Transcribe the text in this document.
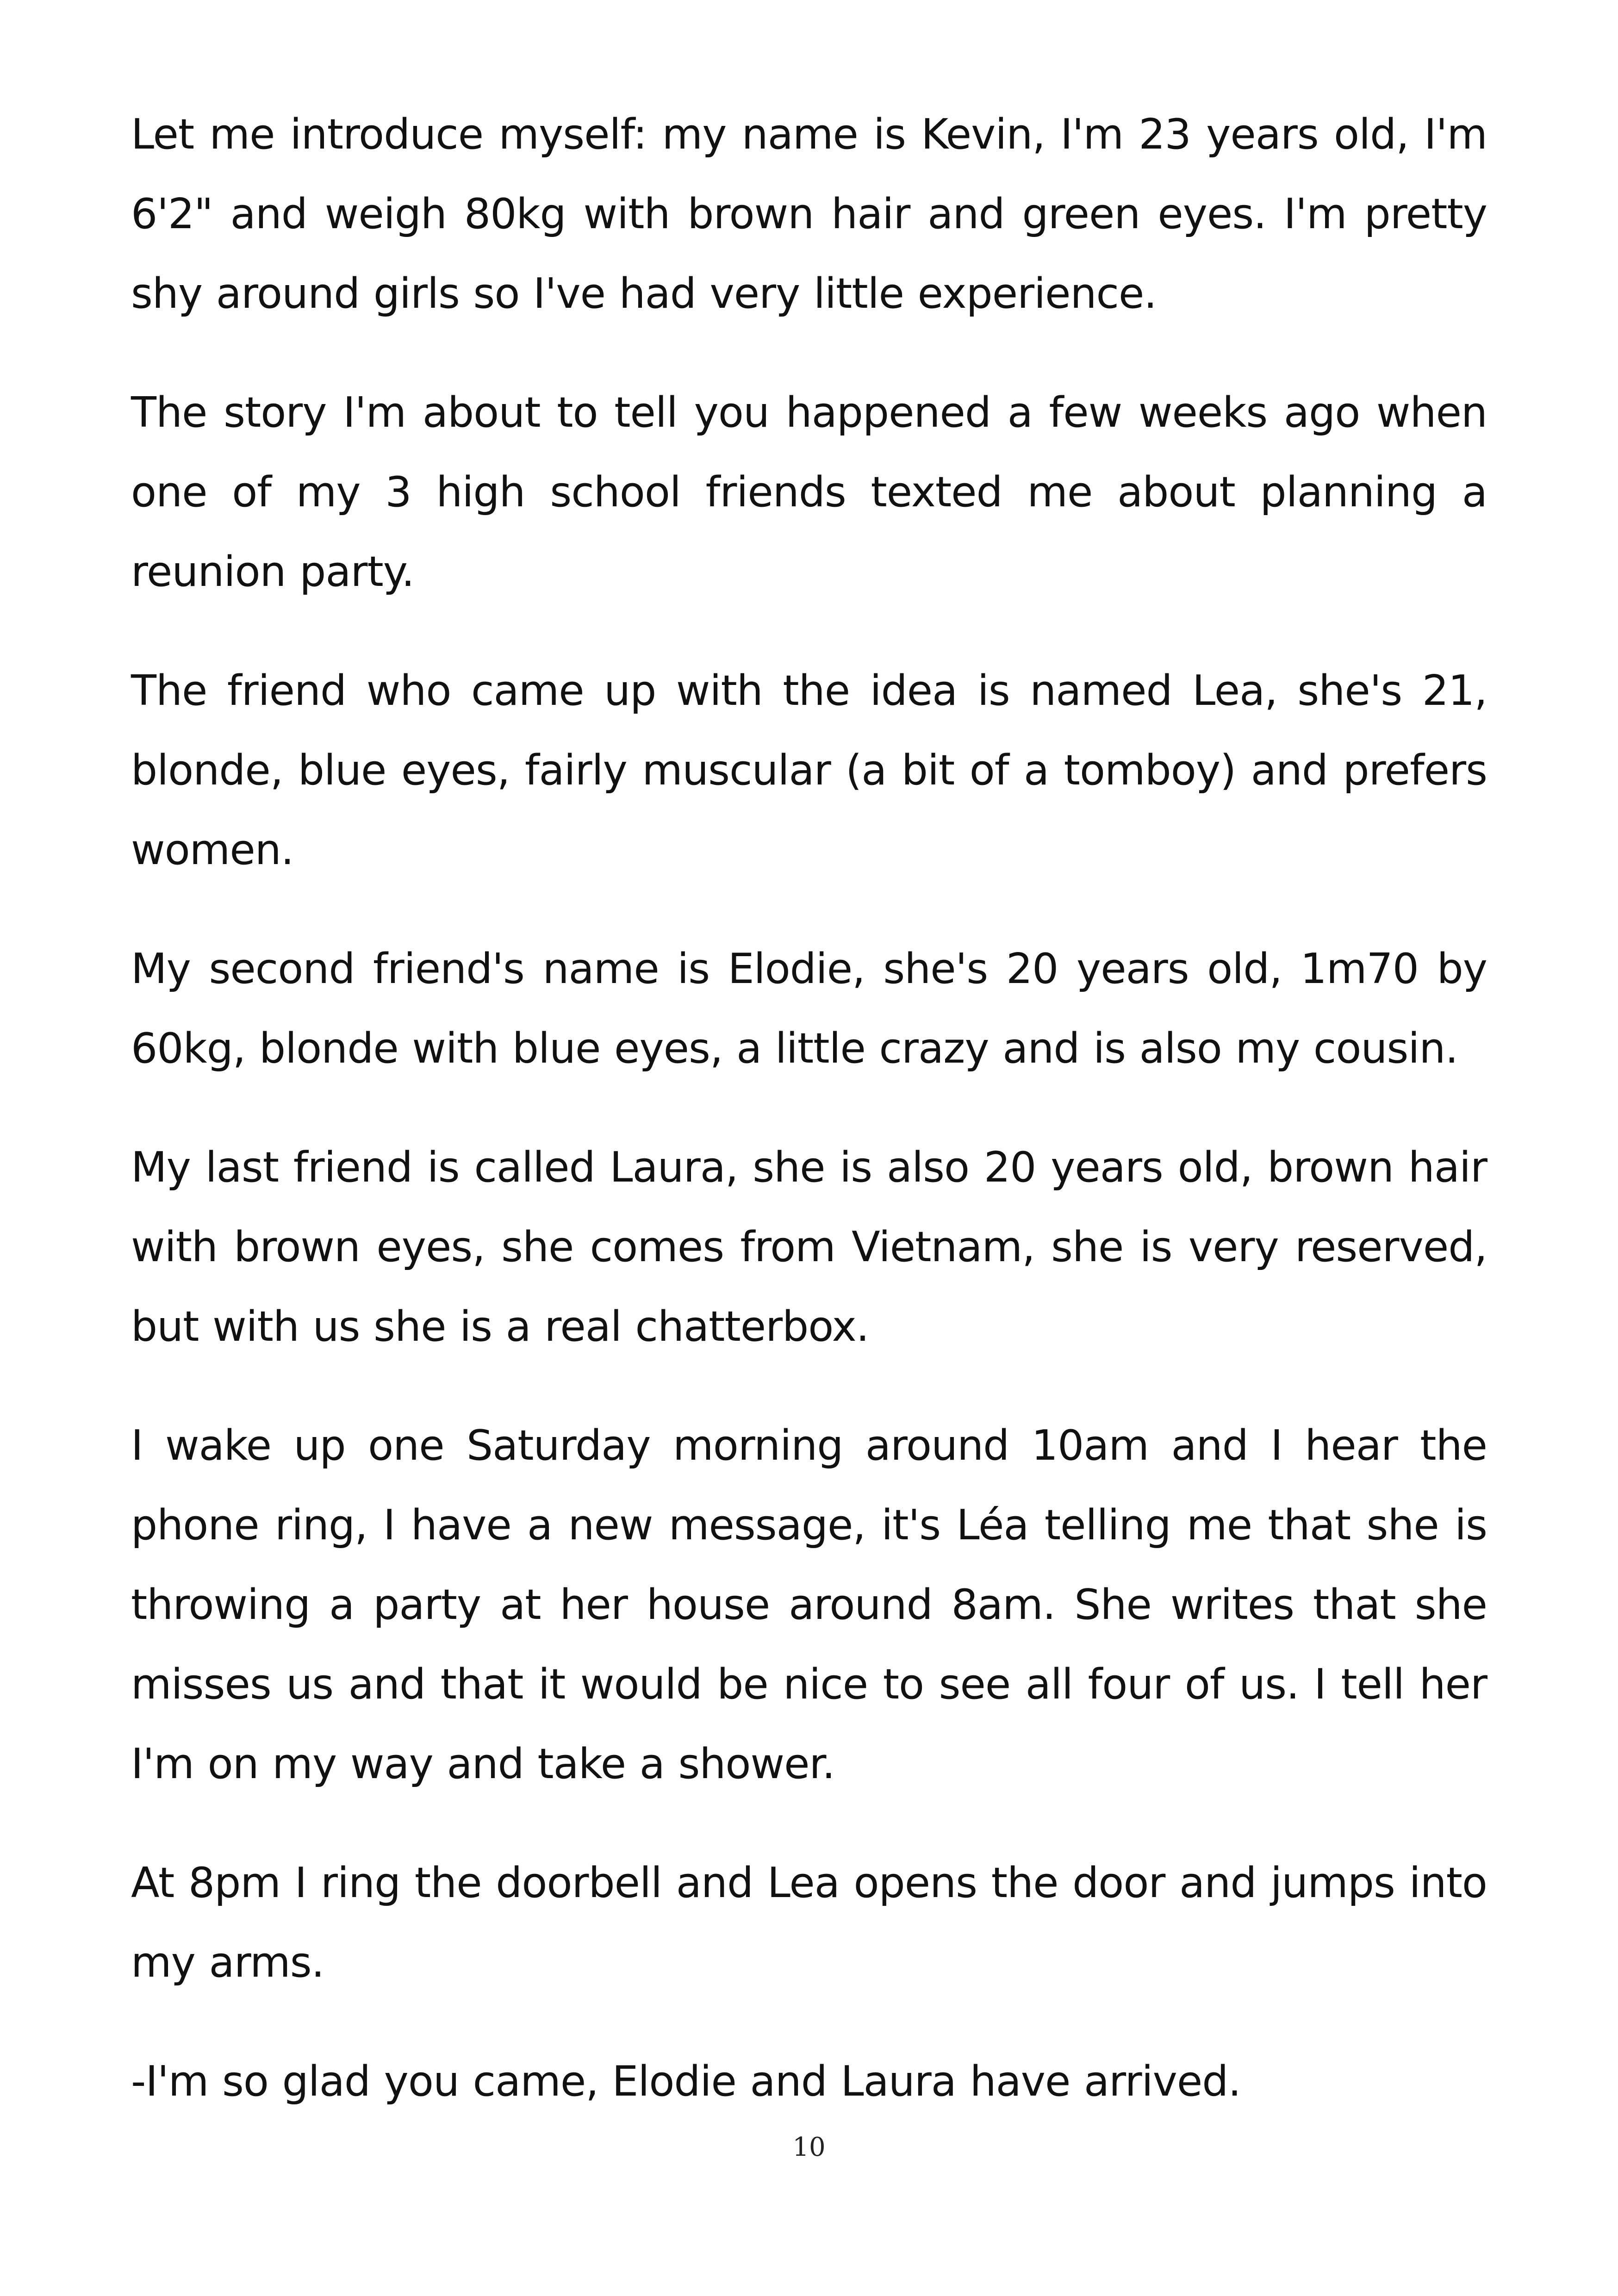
Let me introduce myself: my name is Kevin, I'm 23 years old, I'm 6'2" and weigh 80kg with brown hair and green eyes. I'm pretty shy around girls so I've had very little experience.

The story I'm about to tell you happened a few weeks ago when one of my 3 high school friends texted me about planning a reunion party.

The friend who came up with the idea is named Lea, she's 21, blonde, blue eyes, fairly muscular (a bit of a tomboy) and prefers women.

My second friend's name is Elodie, she's 20 years old, 1m70 by 60kg, blonde with blue eyes, a little crazy and is also my cousin.

My last friend is called Laura, she is also 20 years old, brown hair with brown eyes, she comes from Vietnam, she is very reserved, but with us she is a real chatterbox.

I wake up one Saturday morning around 10am and I hear the phone ring, I have a new message, it's Léa telling me that she is throwing a party at her house around 8am. She writes that she misses us and that it would be nice to see all four of us. I tell her I'm on my way and take a shower.

At 8pm I ring the doorbell and Lea opens the door and jumps into my arms.

-I'm so glad you came, Elodie and Laura have arrived.

10
